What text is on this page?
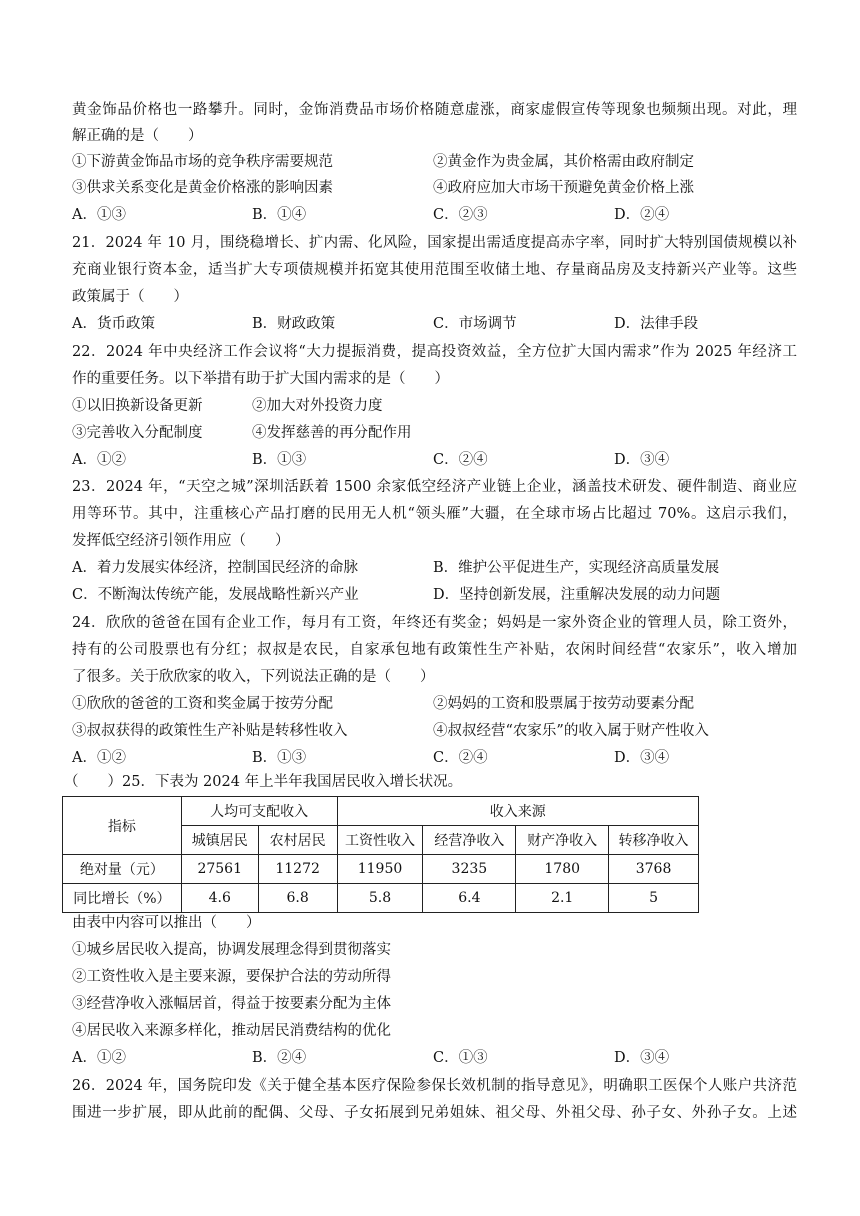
黄金饰品价格也一路攀升。同时，金饰消费品市场价格随意虚涨，商家虚假宣传等现象也频频出现。对此，理
解正确的是（　　）
①下游黄金饰品市场的竞争秩序需要规范	②黄金作为贵金属，其价格需由政府制定
③供求关系变化是黄金价格涨的影响因素	④政府应加大市场干预避免黄金价格上涨
A．①③	B．①④	C．②③	D．②④
21．2024 年 10 月，围绕稳增长、扩内需、化风险，国家提出需适度提高赤字率，同时扩大特别国债规模以补
充商业银行资本金，适当扩大专项债规模并拓宽其使用范围至收储土地、存量商品房及支持新兴产业等。这些
政策属于（　　）
A．货币政策	B．财政政策	C．市场调节	D．法律手段
22．2024 年中央经济工作会议将“大力提振消费，提高投资效益，全方位扩大国内需求”作为 2025 年经济工
作的重要任务。以下举措有助于扩大国内需求的是（　　）
①以旧换新设备更新	②加大对外投资力度
③完善收入分配制度	④发挥慈善的再分配作用
A．①②	B．①③	C．②④	D．③④
23．2024 年，“天空之城”深圳活跃着 1500 余家低空经济产业链上企业，涵盖技术研发、硬件制造、商业应
用等环节。其中，注重核心产品打磨的民用无人机“领头雁”大疆，在全球市场占比超过 70%。这启示我们，
发挥低空经济引领作用应（　　）
A．着力发展实体经济，控制国民经济的命脉	B．维护公平促进生产，实现经济高质量发展
C．不断淘汰传统产能，发展战略性新兴产业	D．坚持创新发展，注重解决发展的动力问题
24．欣欣的爸爸在国有企业工作，每月有工资，年终还有奖金；妈妈是一家外资企业的管理人员，除工资外，
持有的公司股票也有分红；叔叔是农民，自家承包地有政策性生产补贴，农闲时间经营“农家乐”，收入增加
了很多。关于欣欣家的收入，下列说法正确的是（　　）
①欣欣的爸爸的工资和奖金属于按劳分配	②妈妈的工资和股票属于按劳动要素分配
③叔叔获得的政策性生产补贴是转移性收入	④叔叔经营“农家乐”的收入属于财产性收入
A．①②	B．①③	C．②④	D．③④
（　　）25．下表为 2024 年上半年我国居民收入增长状况。
指标	人均可支配收入		收入来源			
	城镇居民	农村居民	工资性收入	经营净收入	财产净收入	转移净收入
绝对量（元）	27561	11272	11950	3235	1780	3768
同比增长（%）	4.6	6.8	5.8	6.4	2.1	5
由表中内容可以推出（　　）
①城乡居民收入提高，协调发展理念得到贯彻落实
②工资性收入是主要来源，要保护合法的劳动所得
③经营净收入涨幅居首，得益于按要素分配为主体
④居民收入来源多样化，推动居民消费结构的优化
A．①②	B．②④	C．①③	D．③④
26．2024 年，国务院印发《关于健全基本医疗保险参保长效机制的指导意见》，明确职工医保个人账户共济范
围进一步扩展，即从此前的配偶、父母、子女拓展到兄弟姐妹、祖父母、外祖父母、孙子女、外孙子女。上述
